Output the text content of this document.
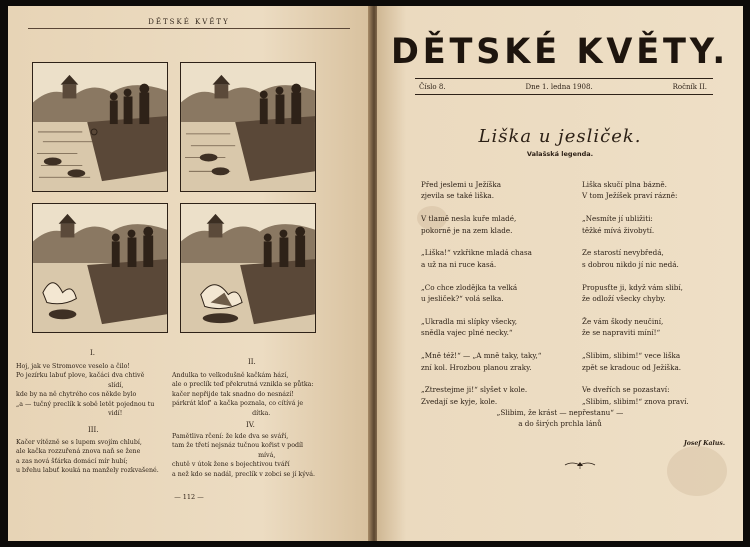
DĚTSKÉ KVĚTY
I.
II.
III.
IV.
Hoj, jak ve Stromovce veselo a čilo!
Po jezírku labuť plove, kačáci dva chtivě
slídí,
kde by na ně chytrého cos někde bylo
„a — tučný preclík k sobě letět pojednou tu
vidí!
Andulka to velkodušně kačkám hází,
ale o preclík teď překrutná vznikla se půtka:
kačer nepřijde tak snadno do nesnází!
párkrát klof' a kačka poznala, co cítívá je
dítka.
Kačer vítězně se s lupem svojím chlubí,
ale kačka rozzuřená znova naň se žene
a zas nová šťárka domácí mír hubí;
u břehu labuť kouká na manžely rozkvašené.
Pamětliva rčení: že kde dva se sváří,
tam že třetí nejsnáz tučnou kořist v podíl
mívá,
chutě v útok žene s bojechtivou tváří
a než kdo se nadál, preclík v zobci se jí kývá.
— 112 —
DĚTSKÉ KVĚTY.
Číslo 8.	Dne 1. ledna 1908.	Ročník II.
Liška u jesliček.
Valašská legenda.
Před jeslemi u Ježíška
zjevila se také liška.

V tlamě nesla kuře mladé,
pokorně je na zem klade.

„Liška!“ vzkřikne mladá chasa
a už na ni ruce kasá.

„Co chce zlodějka ta velká
u jesliček?“ volá selka.

„Ukradla mi slípky všecky,
snědla vajec plné necky.“

„Mně též!“ — „A mně taky, taky,“
zní kol. Hrozbou planou zraky.

„Ztrestejme ji!“ slyšet v kole.
Zvedají se kyje, kole.
Liška skučí plna bázně.
V tom Ježíšek praví rázně:

„Nesmíte jí ubližiti:
těžké mívá živobytí.

Ze starostí nevybředá,
s dobrou nikdo jí nic nedá.

Propusťte ji, když vám slibí,
že odloží všecky chyby.

Že vám škody neučiní,
že se napraviti míní!“

„Slibim, slibim!“ vece liška
zpět se kradouc od Ježíška.

Ve dveřích se pozastaví:
„Slibim, slibim!“ znova praví.
„Slibim, že krást — nepřestanu“ —
a do širých prchla lánů
Josef Kalus.
